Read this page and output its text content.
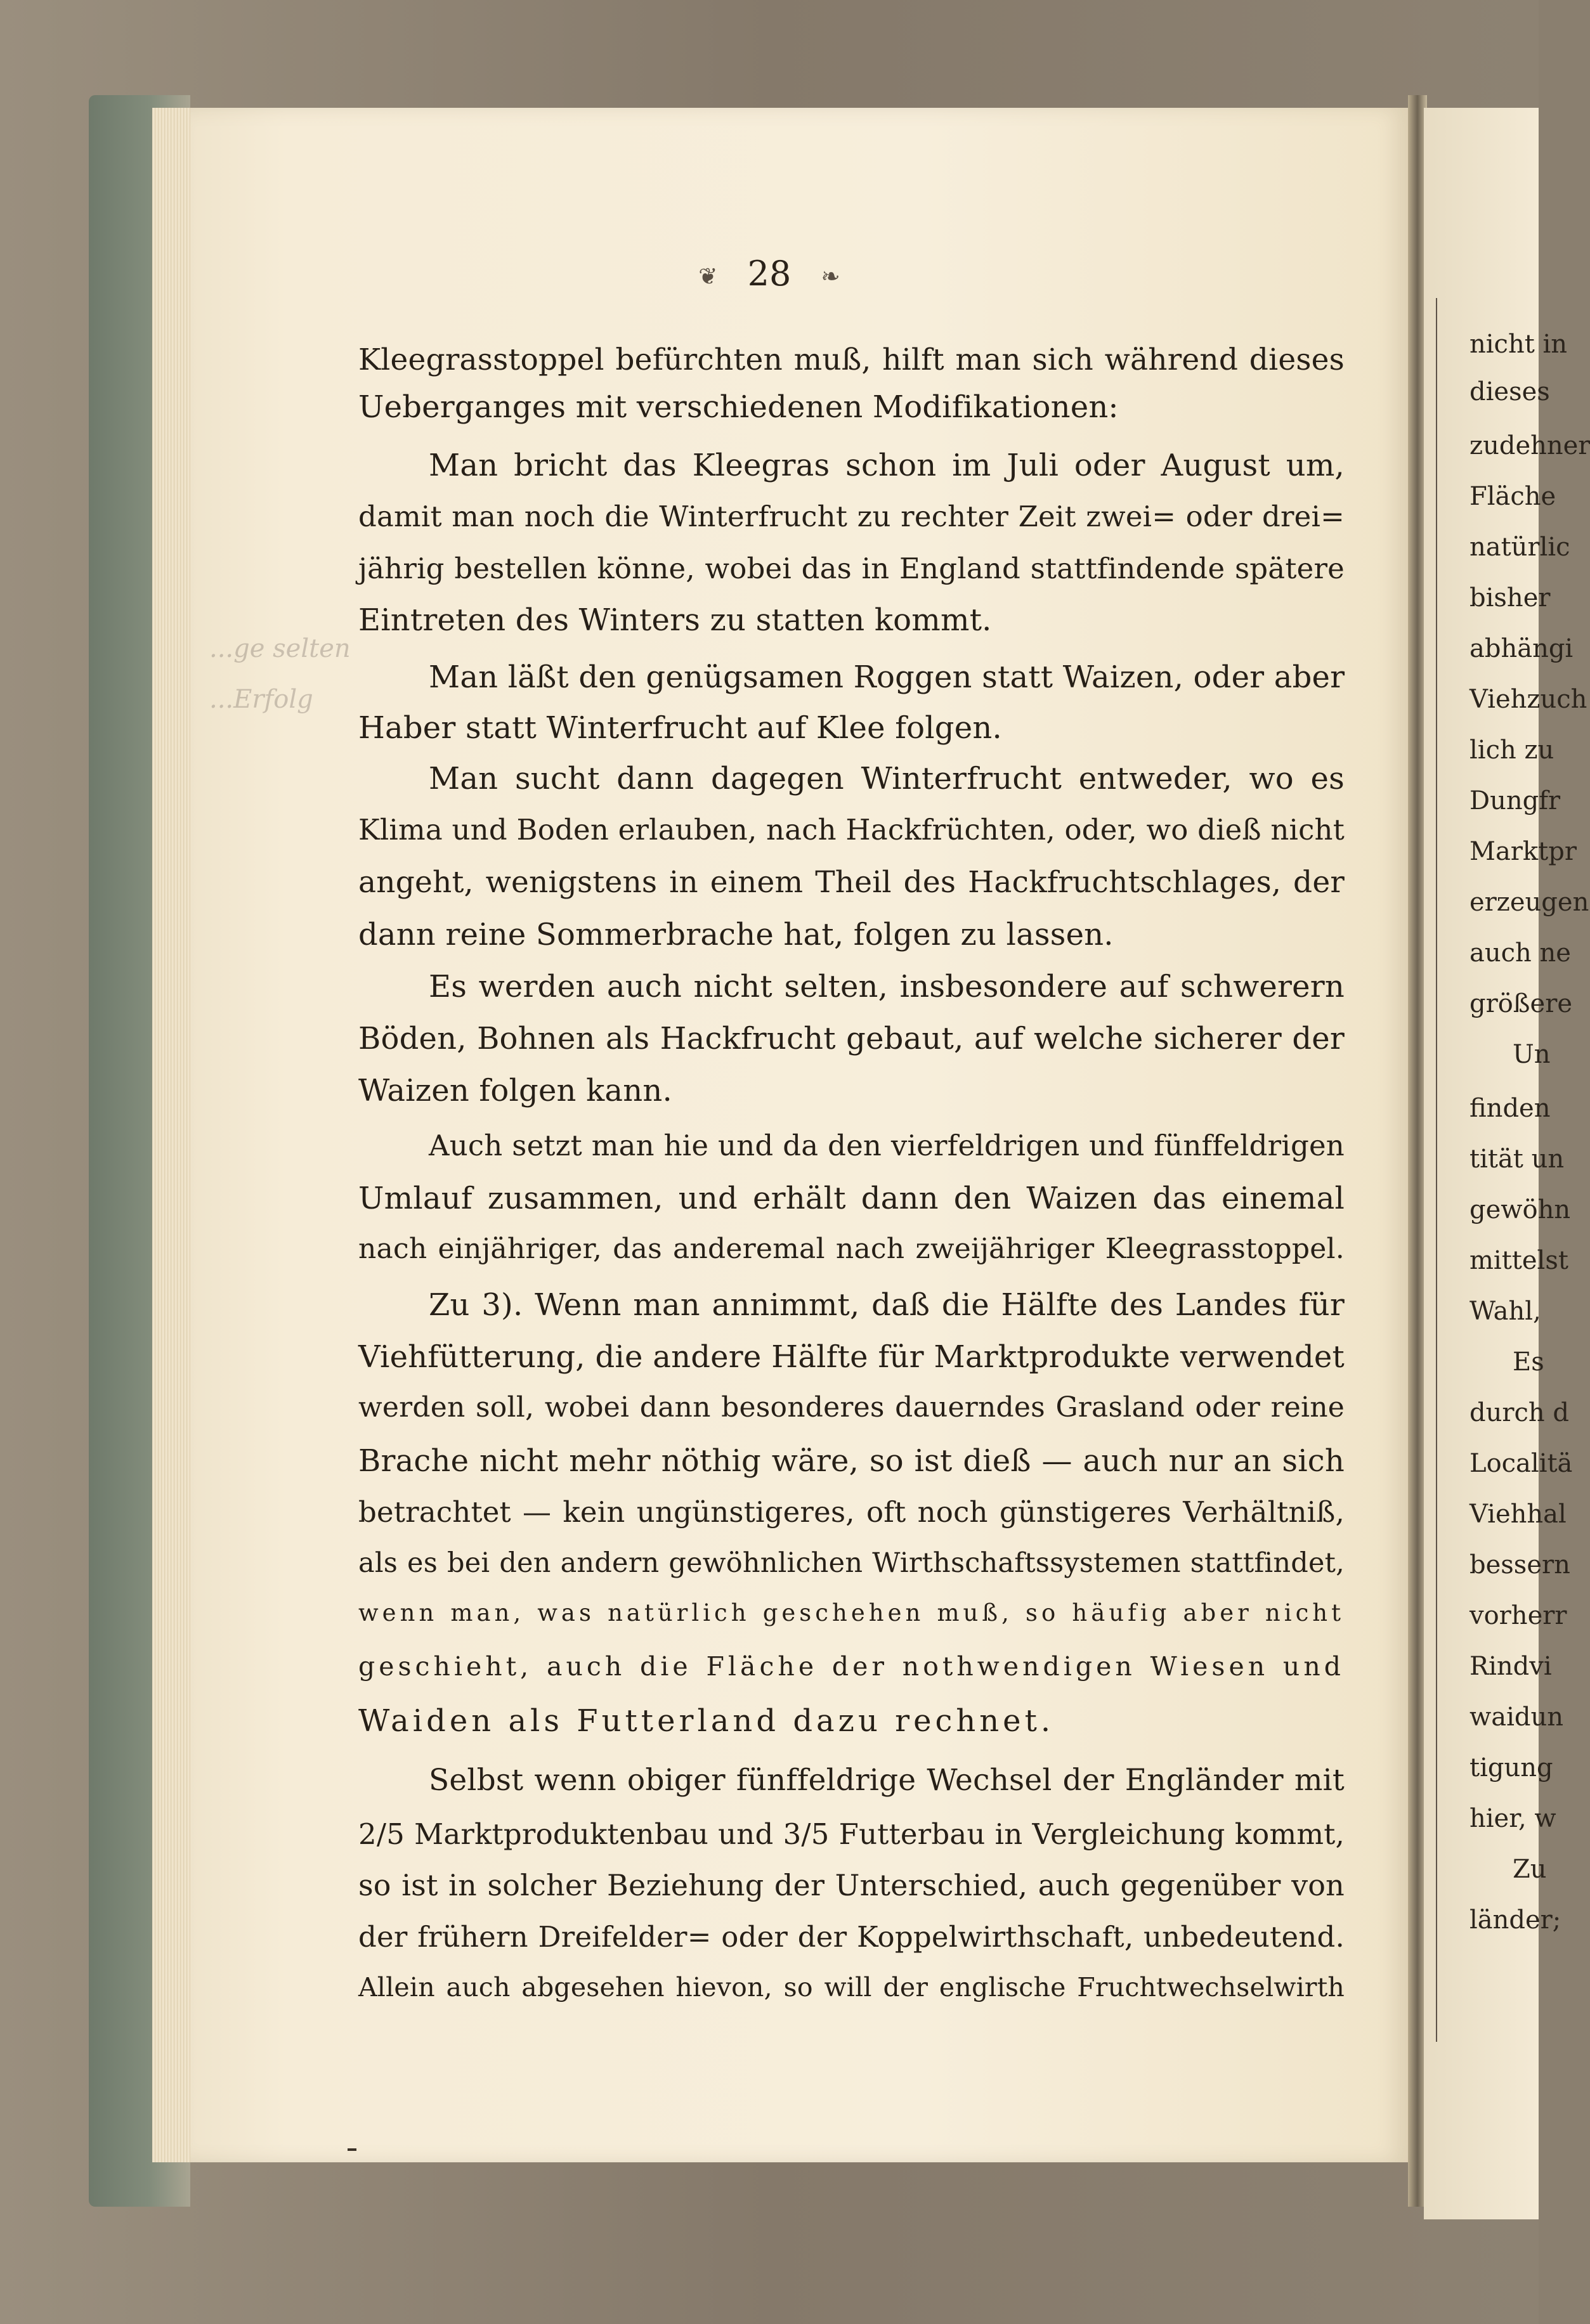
nicht in
dieses
zudehner
Fläche
natürlic
bisher
abhängi
Viehzuch
lich zu
Dungfr
Marktpr
erzeugen
auch ne
größere
Un
finden
tität un
gewöhn
mittelst
Wahl,
Es
durch d
Localitä
Viehhal
bessern
vorherr
Rindvi
waidun
tigung
hier, w
Zu
länder;
❦ 28 ❧
...ge selten
...Erfolg
Kleegrasstoppel befürchten muß, hilft man sich während dieses
Ueberganges mit verschiedenen Modifikationen:
Man bricht das Kleegras schon im Juli oder August um,
damit man noch die Winterfrucht zu rechter Zeit zwei= oder drei=
jährig bestellen könne, wobei das in England stattfindende spätere
Eintreten des Winters zu statten kommt.
Man läßt den genügsamen Roggen statt Waizen, oder aber
Haber statt Winterfrucht auf Klee folgen.
Man sucht dann dagegen Winterfrucht entweder, wo es
Klima und Boden erlauben, nach Hackfrüchten, oder, wo dieß nicht
angeht, wenigstens in einem Theil des Hackfruchtschlages, der
dann reine Sommerbrache hat, folgen zu lassen.
Es werden auch nicht selten, insbesondere auf schwerern
Böden, Bohnen als Hackfrucht gebaut, auf welche sicherer der
Waizen folgen kann.
Auch setzt man hie und da den vierfeldrigen und fünffeldrigen
Umlauf zusammen, und erhält dann den Waizen das einemal
nach einjähriger, das anderemal nach zweijähriger Kleegrasstoppel.
Zu 3). Wenn man annimmt, daß die Hälfte des Landes für
Viehfütterung, die andere Hälfte für Marktprodukte verwendet
werden soll, wobei dann besonderes dauerndes Grasland oder reine
Brache nicht mehr nöthig wäre, so ist dieß — auch nur an sich
betrachtet — kein ungünstigeres, oft noch günstigeres Verhältniß,
als es bei den andern gewöhnlichen Wirthschaftssystemen stattfindet,
wenn man, was natürlich geschehen muß, so häufig aber nicht
geschieht, auch die Fläche der nothwendigen Wiesen und
Waiden als Futterland dazu rechnet.
Selbst wenn obiger fünffeldrige Wechsel der Engländer mit
2/5 Marktproduktenbau und 3/5 Futterbau in Vergleichung kommt,
so ist in solcher Beziehung der Unterschied, auch gegenüber von
der frühern Dreifelder= oder der Koppelwirthschaft, unbedeutend.
Allein auch abgesehen hievon, so will der englische Fruchtwechselwirth
